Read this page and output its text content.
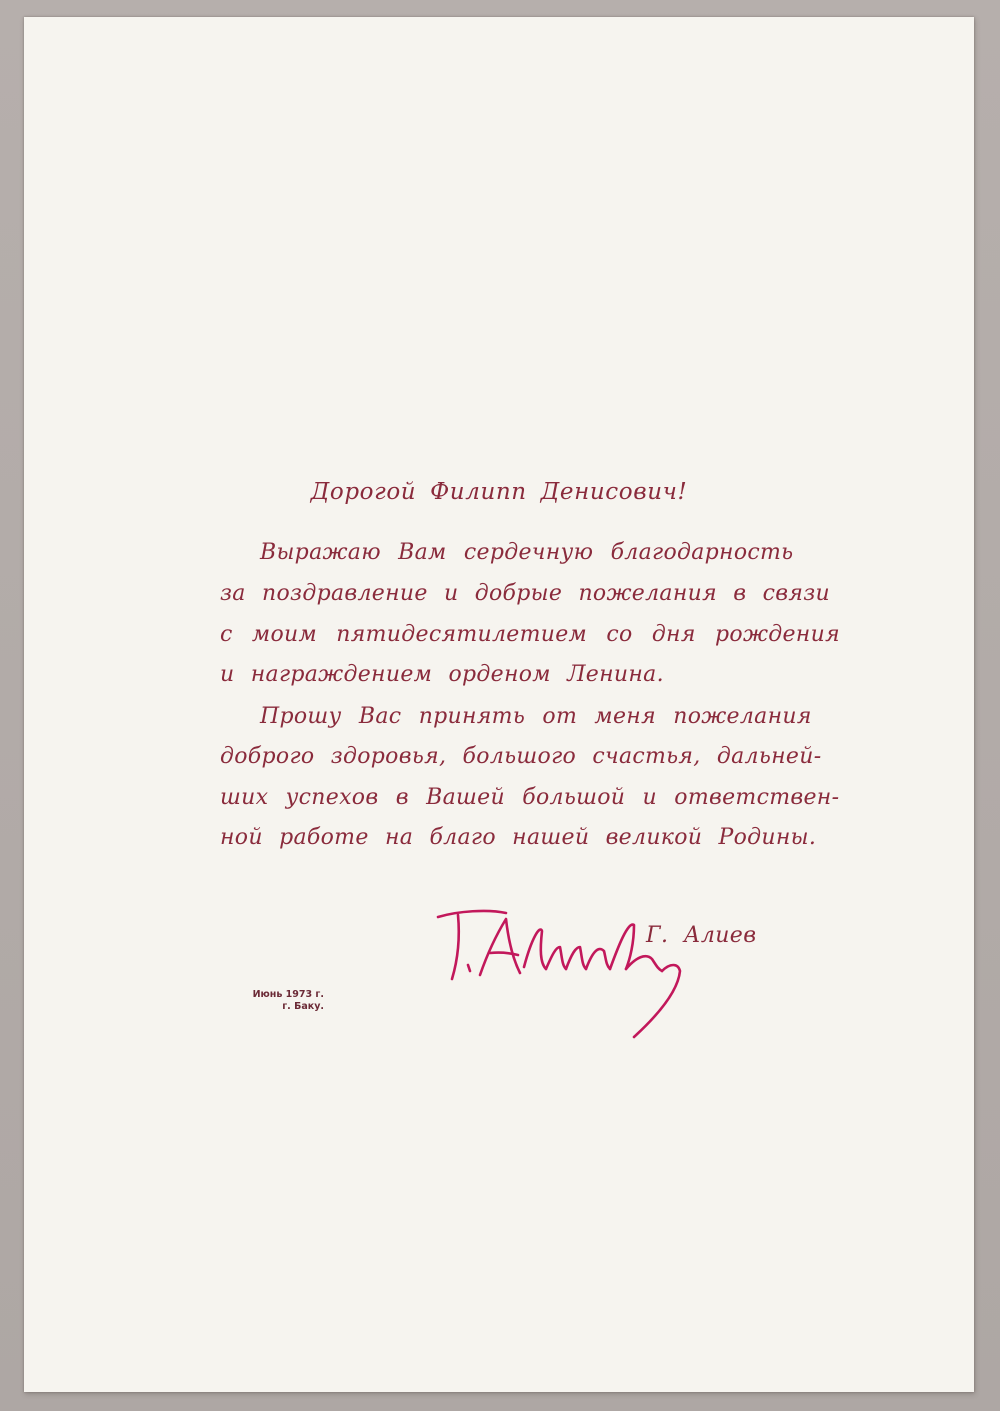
Дорогой Филипп Денисович!
Выражаю Вам сердечную благодарность
за поздравление и добрые пожелания в связи
с моим пятидесятилетием со дня рождения
и награждением орденом Ленина.
Прошу Вас принять от меня пожелания
доброго здоровья, большого счастья, дальней-
ших успехов в Вашей большой и ответствен-
ной работе на благо нашей великой Родины.
Г. Алиев
Июнь 1973 г.
г. Баку.
